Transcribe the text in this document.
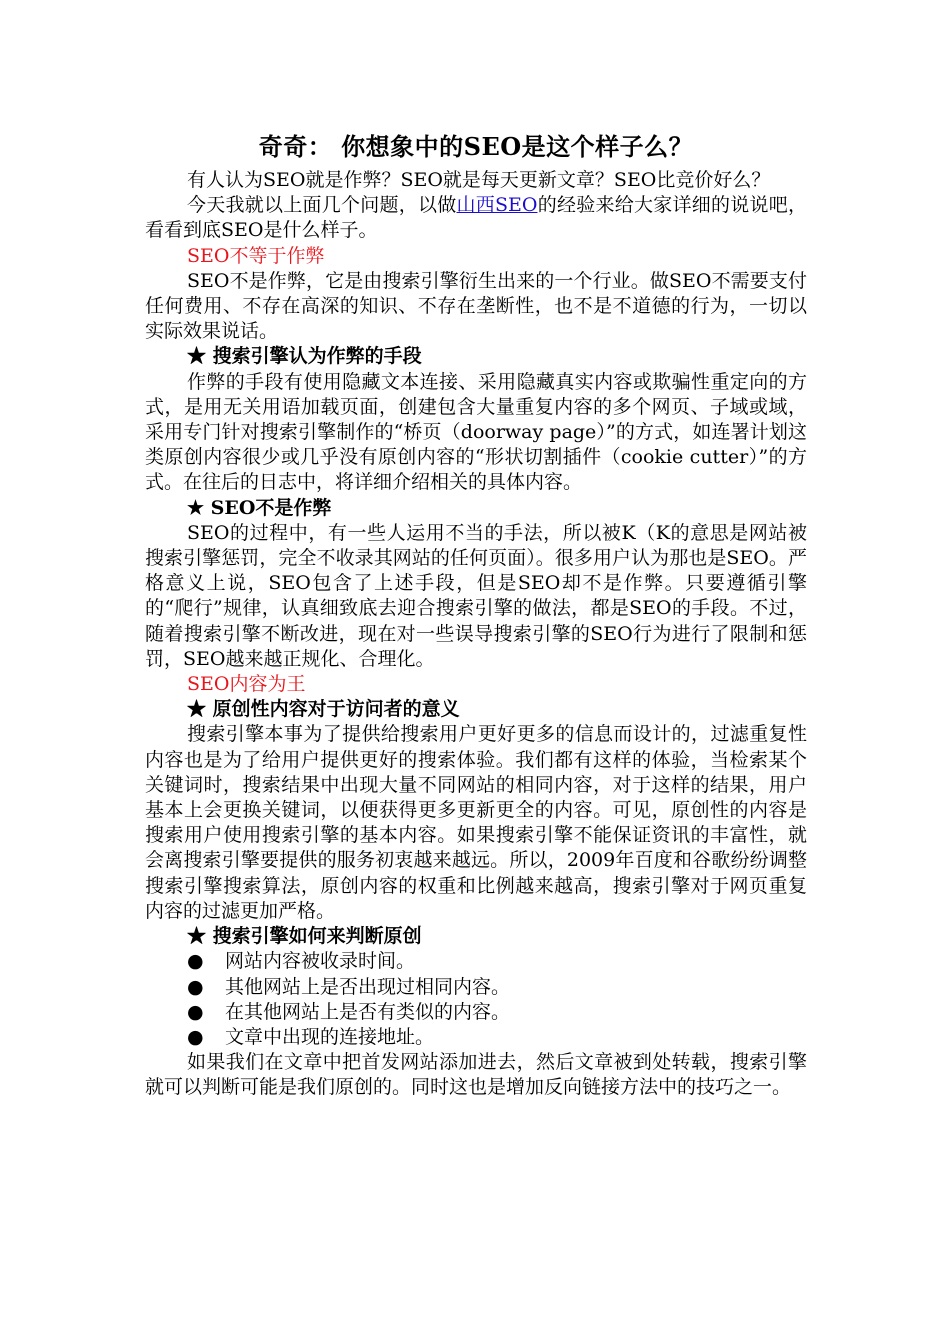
奇奇： 你想象中的SEO是这个样子么？

有人认为SEO就是作弊？SEO就是每天更新文章？SEO比竞价好么？

今天我就以上面几个问题，以做山西SEO的经验来给大家详细的说说吧，看看到底SEO是什么样子。

SEO不等于作弊

SEO不是作弊，它是由搜索引擎衍生出来的一个行业。做SEO不需要支付任何费用、不存在高深的知识、不存在垄断性，也不是不道德的行为，一切以实际效果说话。

★ 搜索引擎认为作弊的手段

作弊的手段有使用隐藏文本连接、采用隐藏真实内容或欺骗性重定向的方式，是用无关用语加载页面，创建包含大量重复内容的多个网页、子域或域，采用专门针对搜索引擎制作的“桥页（doorway page）”的方式，如连署计划这类原创内容很少或几乎没有原创内容的“形状切割插件（cookie cutter）”的方式。在往后的日志中，将详细介绍相关的具体内容。

★ SEO不是作弊

SEO的过程中，有一些人运用不当的手法，所以被K（K的意思是网站被搜索引擎惩罚，完全不收录其网站的任何页面）。很多用户认为那也是SEO。严格意义上说，SEO包含了上述手段，但是SEO却不是作弊。只要遵循引擎的“爬行”规律，认真细致底去迎合搜索引擎的做法，都是SEO的手段。不过，随着搜索引擎不断改进，现在对一些误导搜索引擎的SEO行为进行了限制和惩罚，SEO越来越正规化、合理化。

SEO内容为王
★ 原创性内容对于访问者的意义

搜索引擎本事为了提供给搜索用户更好更多的信息而设计的，过滤重复性内容也是为了给用户提供更好的搜索体验。我们都有这样的体验，当检索某个关键词时，搜索结果中出现大量不同网站的相同内容，对于这样的结果，用户基本上会更换关键词，以便获得更多更新更全的内容。可见，原创性的内容是搜索用户使用搜索引擎的基本内容。如果搜索引擎不能保证资讯的丰富性，就会离搜索引擎要提供的服务初衷越来越远。所以，2009年百度和谷歌纷纷调整搜索引擎搜索算法，原创内容的权重和比例越来越高，搜索引擎对于网页重复内容的过滤更加严格。

★ 搜索引擎如何来判断原创
●	网站内容被收录时间。
●	其他网站上是否出现过相同内容。
●	在其他网站上是否有类似的内容。
●	文章中出现的连接地址。

如果我们在文章中把首发网站添加进去，然后文章被到处转载，搜索引擎就可以判断可能是我们原创的。同时这也是增加反向链接方法中的技巧之一。
